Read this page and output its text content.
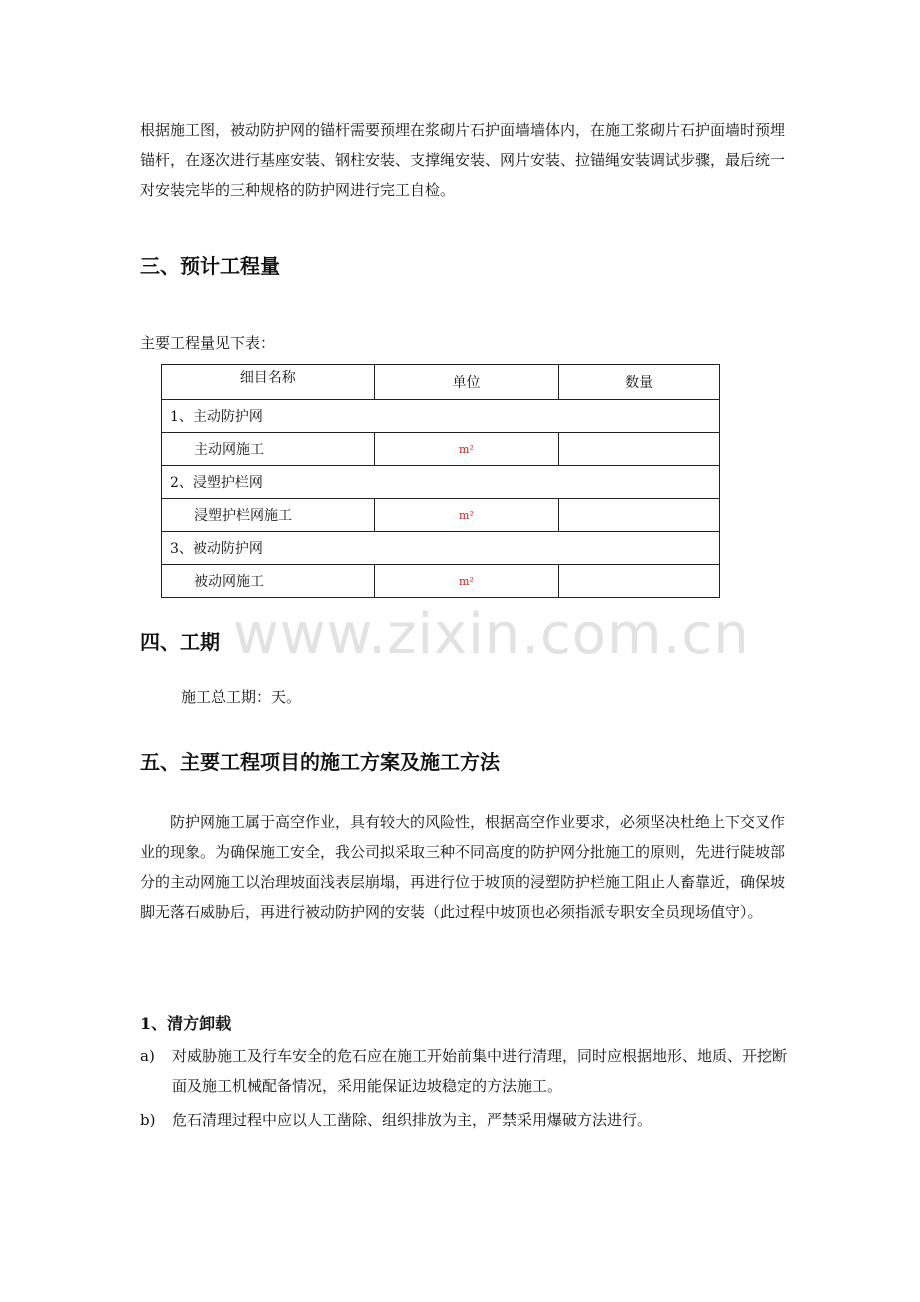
根据施工图，被动防护网的锚杆需要预埋在浆砌片石护面墙墙体内，在施工浆砌片石护面墙时预埋锚杆，在逐次进行基座安装、钢柱安装、支撑绳安装、网片安装、拉锚绳安装调试步骤，最后统一对安装完毕的三种规格的防护网进行完工自检。

三、预计工程量

主要工程量见下表：

细目名称	单位	数量
1、主动防护网		
主动网施工	m²	
2、浸塑护栏网		
浸塑护栏网施工	m²	
3、被动防护网		
被动网施工	m²	
www.zixin.com.cn
四、工期

施工总工期：天。

五、主要工程项目的施工方案及施工方法

防护网施工属于高空作业，具有较大的风险性，根据高空作业要求，必须坚决杜绝上下交叉作业的现象。为确保施工安全，我公司拟采取三种不同高度的防护网分批施工的原则，先进行陡坡部分的主动网施工以治理坡面浅表层崩塌，再进行位于坡顶的浸塑防护栏施工阻止人畜靠近，确保坡脚无落石威胁后，再进行被动防护网的安装（此过程中坡顶也必须指派专职安全员现场值守）。

1、清方卸载
a) 对威胁施工及行车安全的危石应在施工开始前集中进行清理，同时应根据地形、地质、开挖断面及施工机械配备情况，采用能保证边坡稳定的方法施工。
b) 危石清理过程中应以人工凿除、组织排放为主，严禁采用爆破方法进行。
